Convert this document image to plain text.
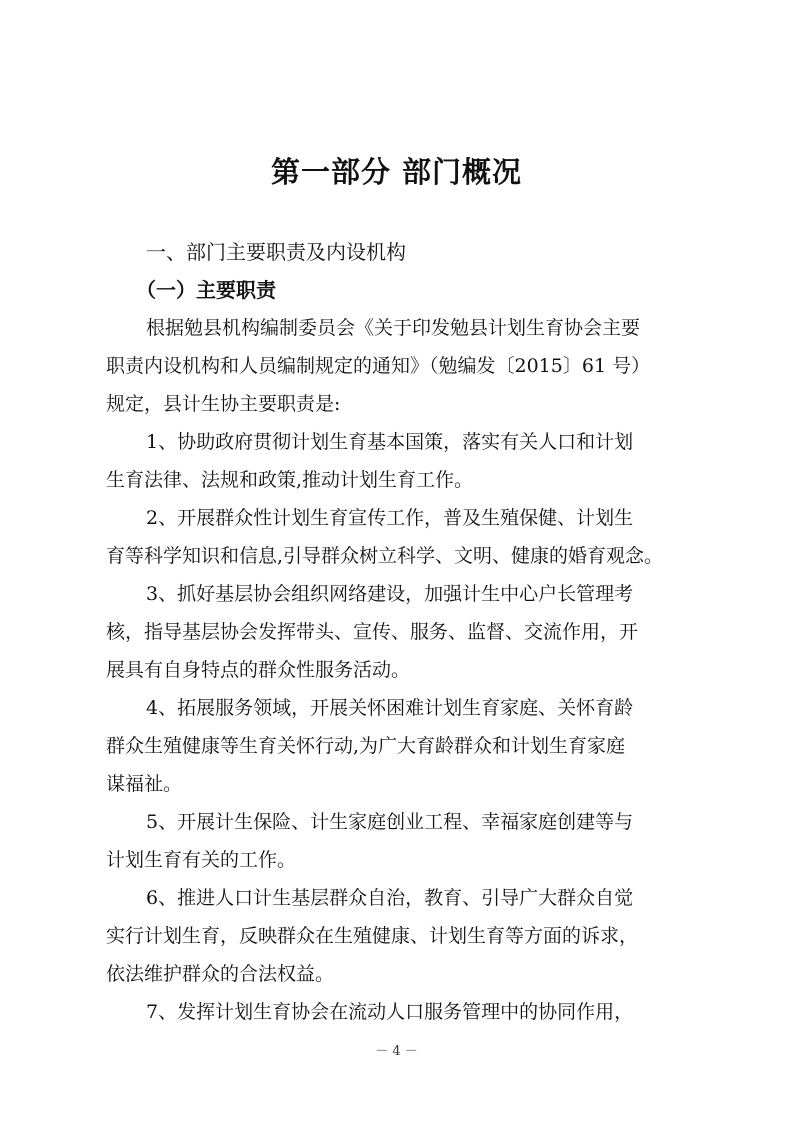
第一部分 部门概况
一、部门主要职责及内设机构
（一）主要职责

根据勉县机构编制委员会《关于印发勉县计划生育协会主要
职责内设机构和人员编制规定的通知》（勉编发〔2015〕61 号）
规定，县计生协主要职责是:

1、协助政府贯彻计划生育基本国策，落实有关人口和计划
生育法律、法规和政策,推动计划生育工作。

2、开展群众性计划生育宣传工作，普及生殖保健、计划生
育等科学知识和信息,引导群众树立科学、文明、健康的婚育观念。

3、抓好基层协会组织网络建设，加强计生中心户长管理考
核，指导基层协会发挥带头、宣传、服务、监督、交流作用，开
展具有自身特点的群众性服务活动。

4、拓展服务领域，开展关怀困难计划生育家庭、关怀育龄
群众生殖健康等生育关怀行动,为广大育龄群众和计划生育家庭
谋福祉。

5、开展计生保险、计生家庭创业工程、幸福家庭创建等与
计划生育有关的工作。

6、推进人口计生基层群众自治，教育、引导广大群众自觉
实行计划生育，反映群众在生殖健康、计划生育等方面的诉求，
依法维护群众的合法权益。

7、发挥计划生育协会在流动人口服务管理中的协同作用，

－ 4 －
